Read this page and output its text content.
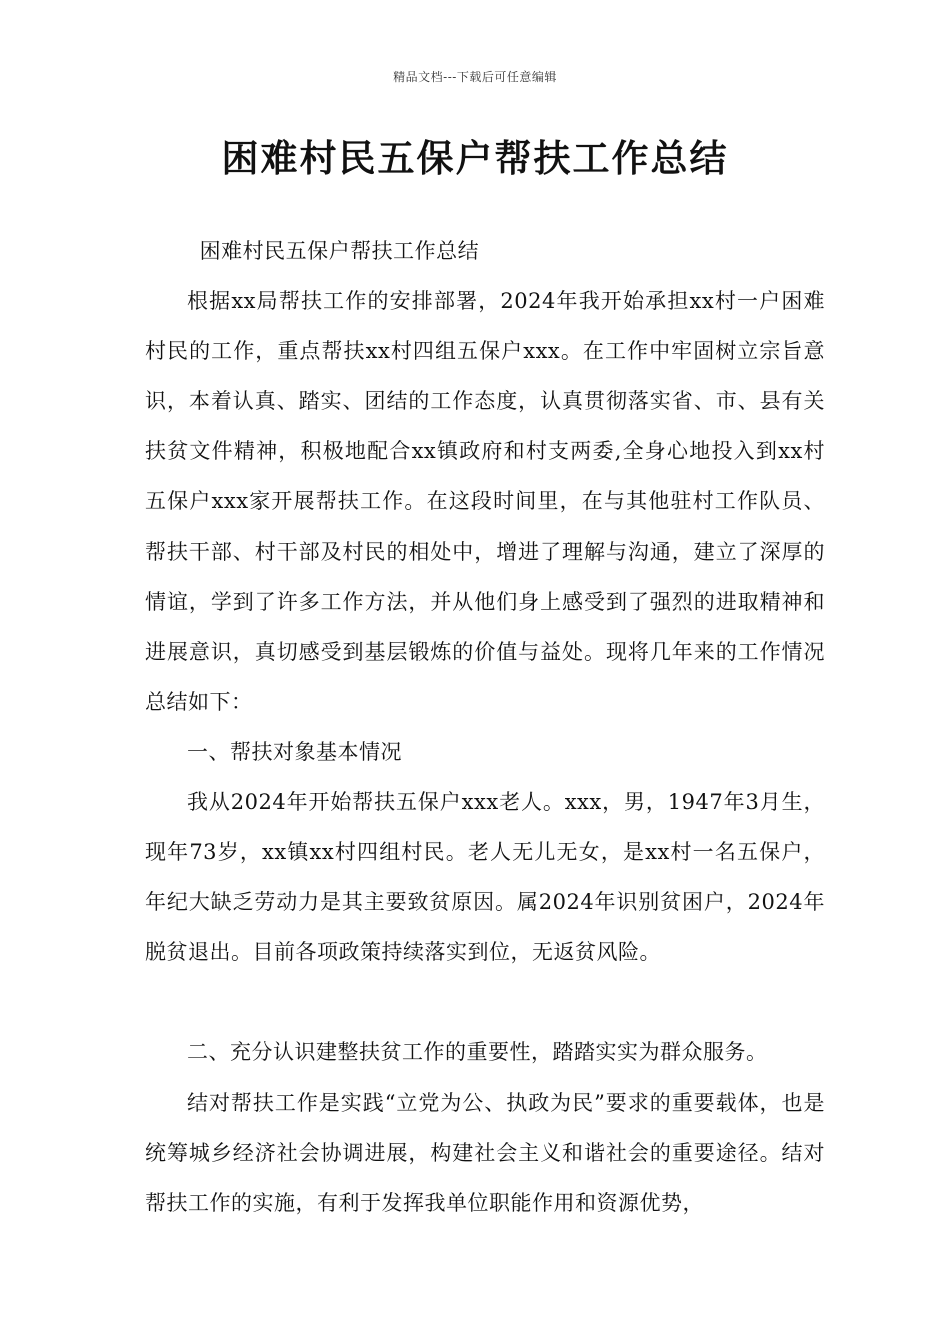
精品文档---下载后可任意编辑
困难村民五保户帮扶工作总结

困难村民五保户帮扶工作总结

根据xx局帮扶工作的安排部署，2024年我开始承担xx村一户困难村民的工作，重点帮扶xx村四组五保户xxx。在工作中牢固树立宗旨意识，本着认真、踏实、团结的工作态度，认真贯彻落实省、市、县有关扶贫文件精神，积极地配合xx镇政府和村支两委,全身心地投入到xx村五保户xxx家开展帮扶工作。在这段时间里，在与其他驻村工作队员、帮扶干部、村干部及村民的相处中，增进了理解与沟通，建立了深厚的情谊，学到了许多工作方法，并从他们身上感受到了强烈的进取精神和进展意识，真切感受到基层锻炼的价值与益处。现将几年来的工作情况总结如下：

一、帮扶对象基本情况

我从2024年开始帮扶五保户xxx老人。xxx，男，1947年3月生，现年73岁，xx镇xx村四组村民。老人无儿无女，是xx村一名五保户，年纪大缺乏劳动力是其主要致贫原因。属2024年识别贫困户，2024年脱贫退出。目前各项政策持续落实到位，无返贫风险。

二、充分认识建整扶贫工作的重要性，踏踏实实为群众服务。

结对帮扶工作是实践“立党为公、执政为民”要求的重要载体，也是统筹城乡经济社会协调进展，构建社会主义和谐社会的重要途径。结对帮扶工作的实施，有利于发挥我单位职能作用和资源优势，
